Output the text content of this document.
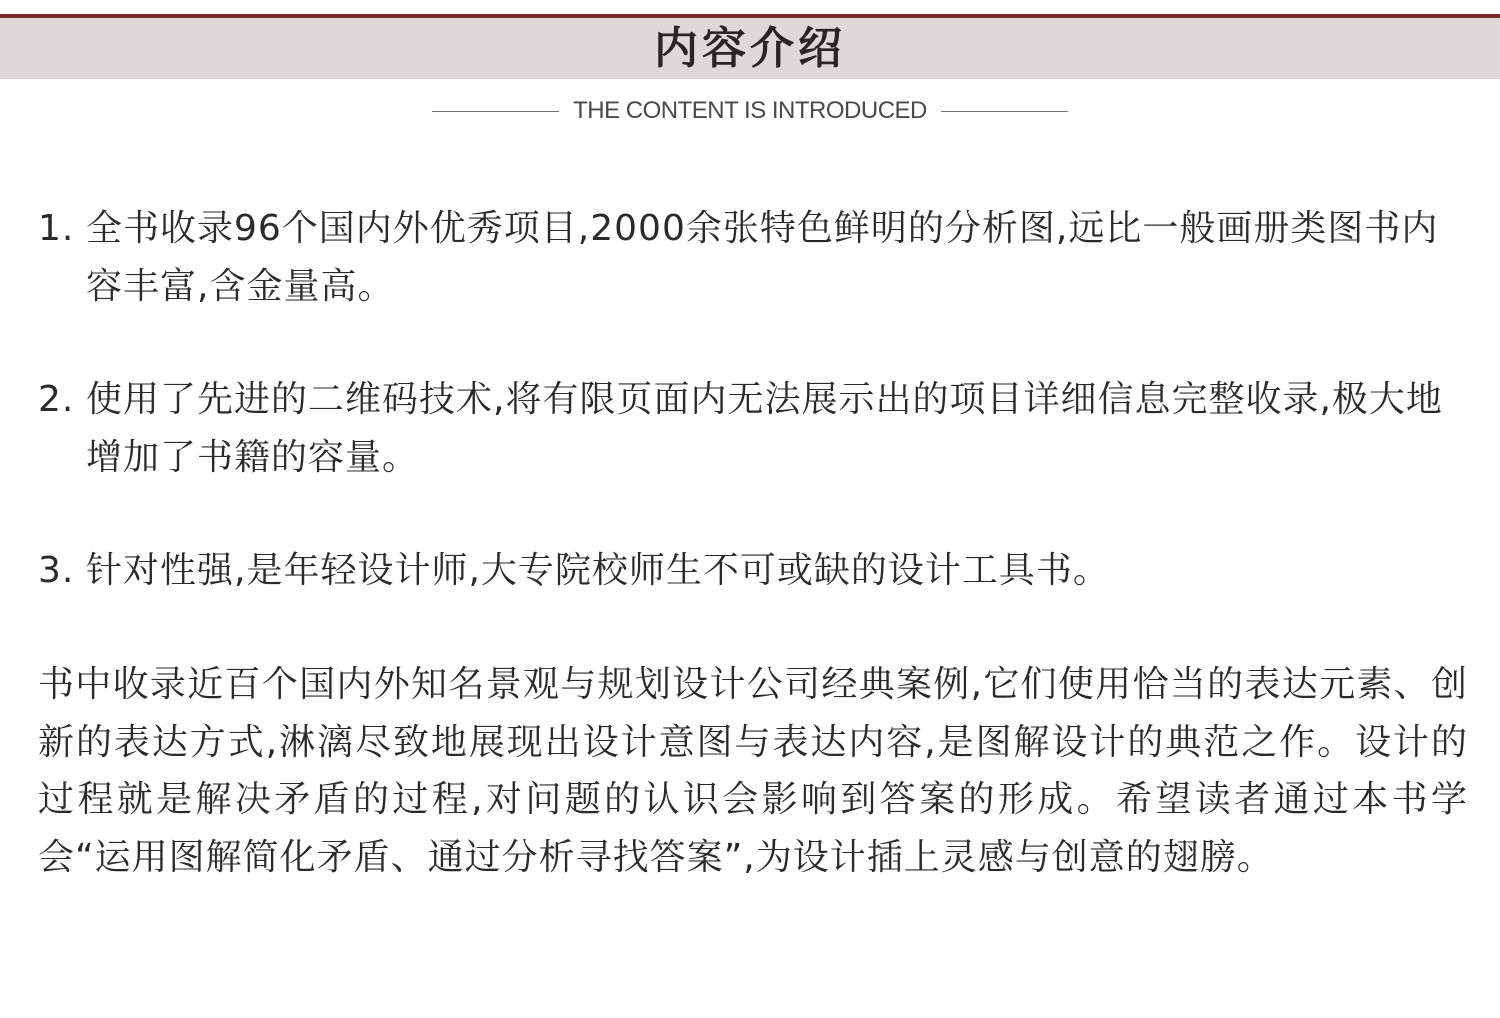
内容介绍
THE CONTENT IS INTRODUCED
1. 全书收录96个国内外优秀项目,2000余张特色鲜明的分析图,远比一般画册类图书内容丰富,含金量高。
2. 使用了先进的二维码技术,将有限页面内无法展示出的项目详细信息完整收录,极大地增加了书籍的容量。
3. 针对性强,是年轻设计师,大专院校师生不可或缺的设计工具书。
书中收录近百个国内外知名景观与规划设计公司经典案例,它们使用恰当的表达元素、创新的表达方式,淋漓尽致地展现出设计意图与表达内容,是图解设计的典范之作。设计的过程就是解决矛盾的过程,对问题的认识会影响到答案的形成。希望读者通过本书学会“运用图解简化矛盾、通过分析寻找答案”,为设计插上灵感与创意的翅膀。
